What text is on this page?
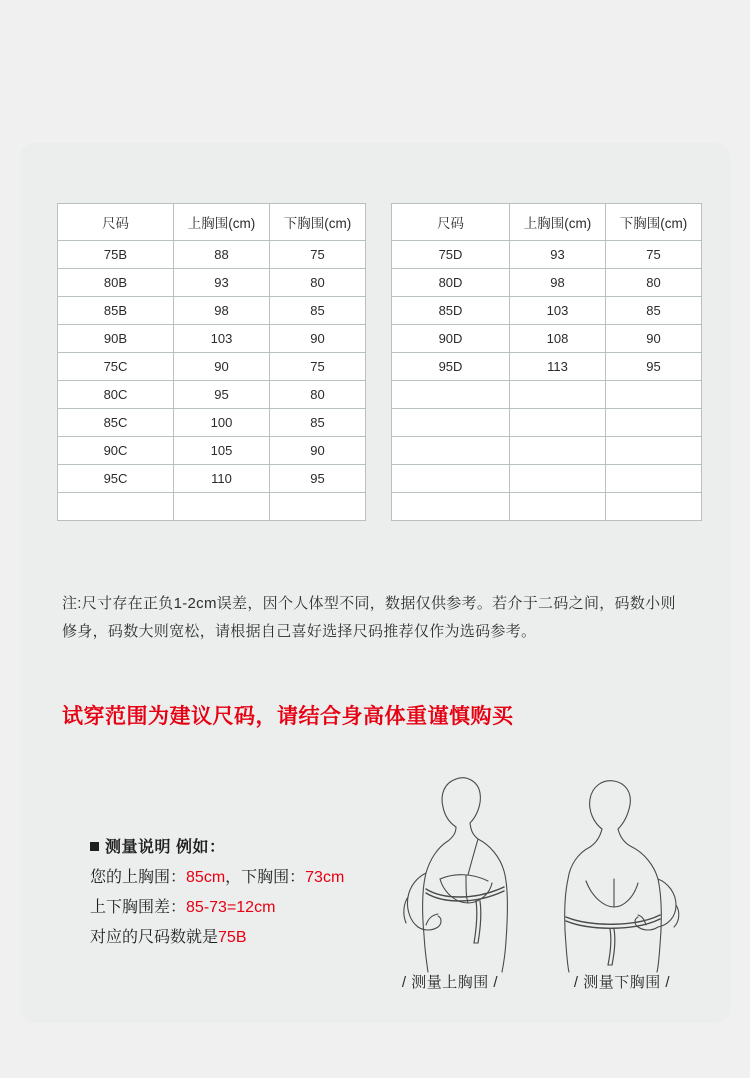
尺码	上胸围(cm)	下胸围(cm)
75B	88	75
80B	93	80
85B	98	85
90B	103	90
75C	90	75
80C	95	80
85C	100	85
90C	105	90
95C	110	95

尺码	上胸围(cm)	下胸围(cm)
75D	93	75
80D	98	80
85D	103	85
90D	108	90
95D	113	95

注:尺寸存在正负1-2cm误差，因个人体型不同，数据仅供参考。若介于二码之间，码数小则修身，码数大则宽松，请根据自己喜好选择尺码推荐仅作为选码参考。
试穿范围为建议尺码，请结合身高体重谨慎购买
测量说明 例如：
您的上胸围：85cm，下胸围：73cm
上下胸围差：85-73=12cm
对应的尺码数就是75B
/ 测量上胸围 /	/ 测量下胸围 /
